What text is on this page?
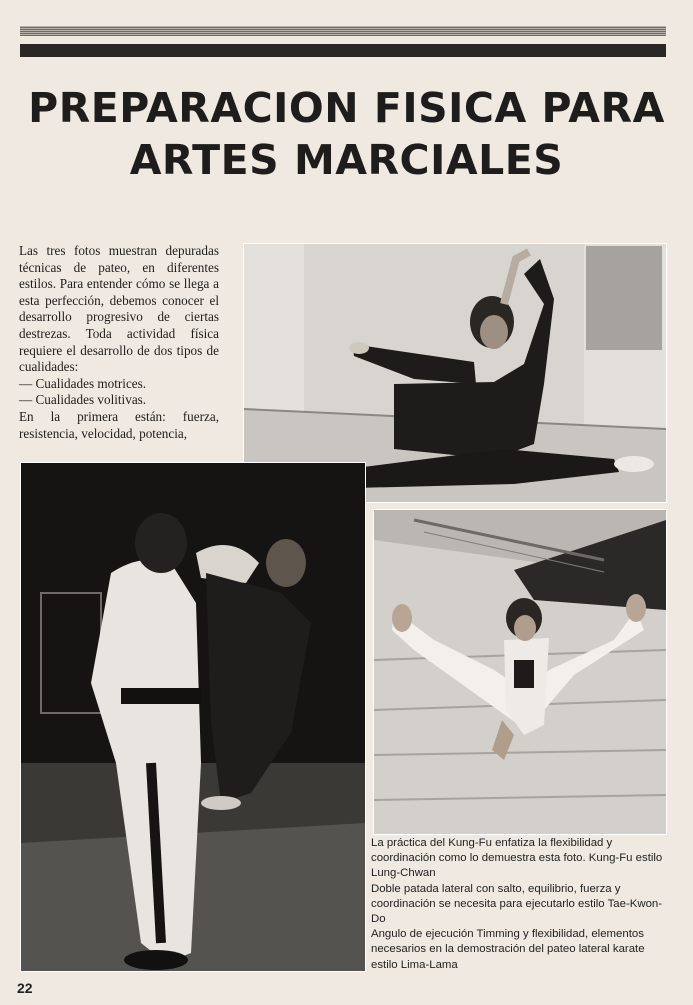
PREPARACION FISICA PARA
ARTES MARCIALES

Las tres fotos muestran depuradas técnicas de pateo, en diferentes estilos. Para entender cómo se llega a esta perfección, debemos conocer el desarrollo progresivo de ciertas destrezas. Toda actividad física requiere el desarrollo de dos tipos de cualidades:

— Cualidades motrices.

— Cualidades volitivas.

En la primera están: fuerza, resistencia, velocidad, potencia,

La práctica del Kung-Fu enfatiza la flexibilidad y coordinación como lo demuestra esta foto. Kung-Fu estilo Lung-Chwan

Doble patada lateral con salto, equilibrio, fuerza y coordinación se necesita para ejecutarlo estilo Tae-Kwon-Do

Angulo de ejecución Timming y flexibilidad, elementos necesarios en la demostración del pateo lateral karate estilo Lima-Lama

22
